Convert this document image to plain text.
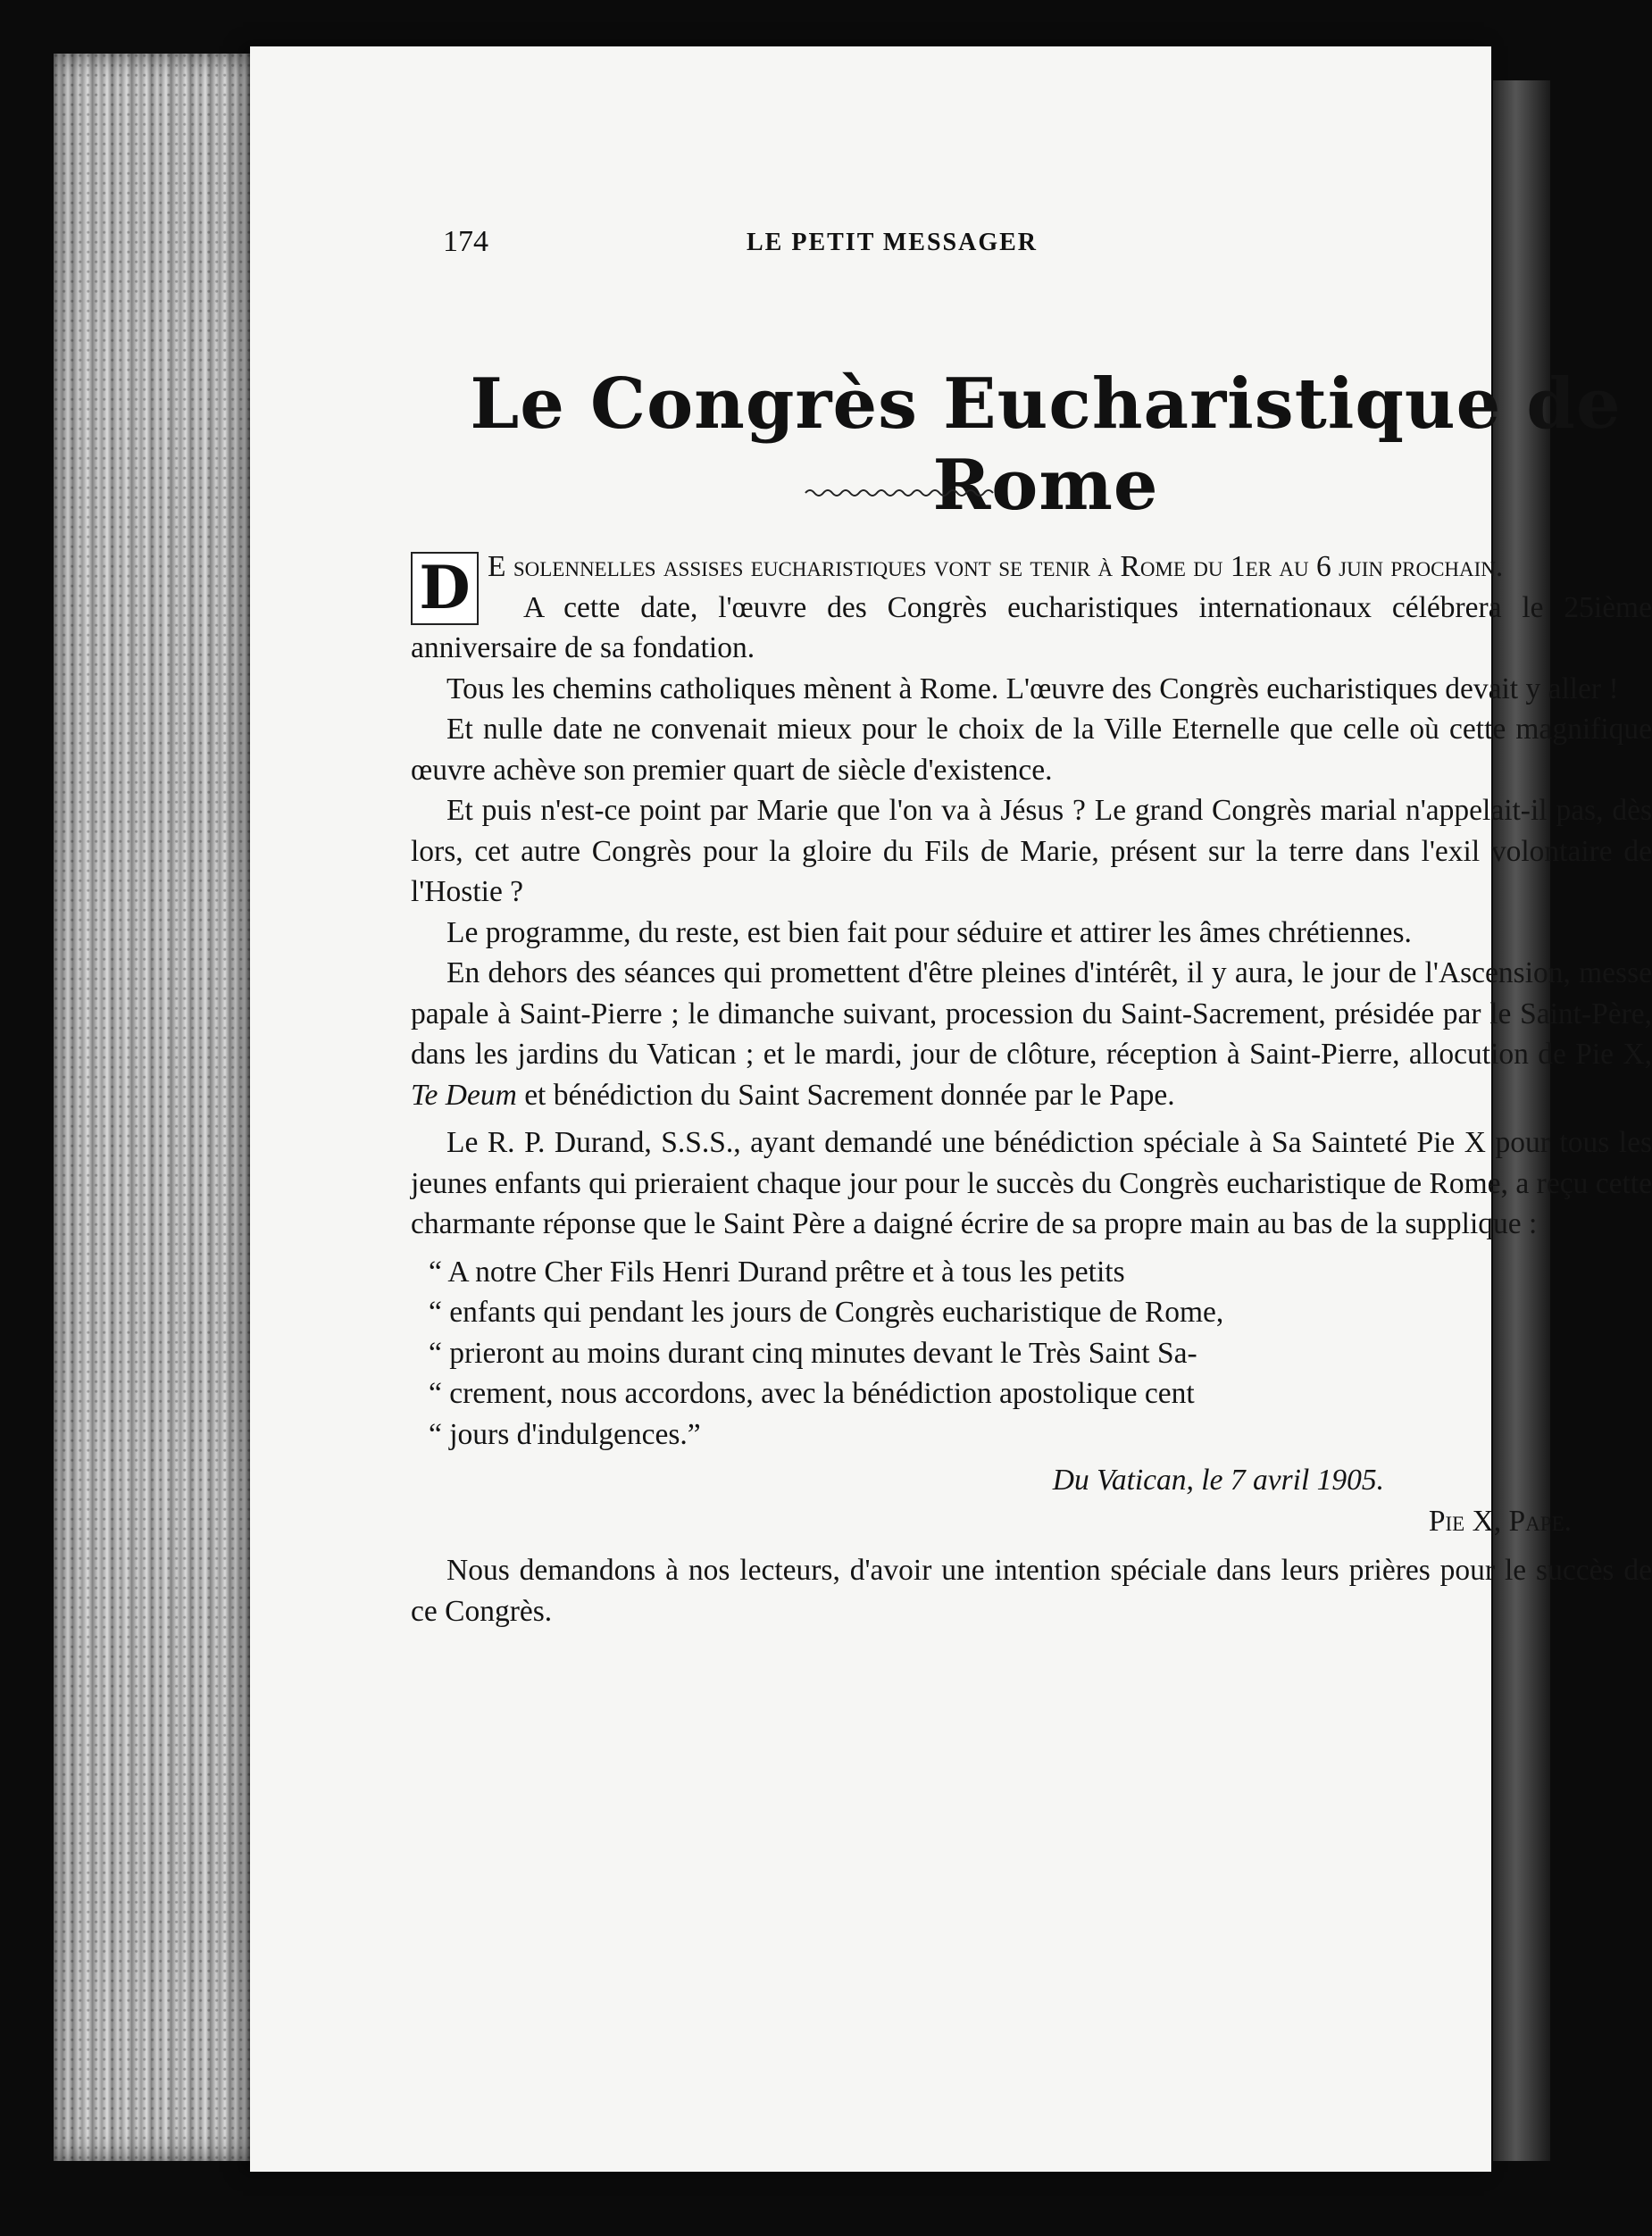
174	LE PETIT MESSAGER
Le Congrès Eucharistique de Rome

D E solennelles assises eucharistiques vont se tenir à Rome du 1er au 6 juin prochain.

A cette date, l'œuvre des Congrès eucharistiques internationaux célébrera le 25ième anniversaire de sa fondation.

Tous les chemins catholiques mènent à Rome. L'œuvre des Congrès eucharistiques devait y aller !

Et nulle date ne convenait mieux pour le choix de la Ville Eternelle que celle où cette magnifique œuvre achève son premier quart de siècle d'existence.

Et puis n'est-ce point par Marie que l'on va à Jésus ? Le grand Congrès marial n'appelait-il pas, dès lors, cet autre Congrès pour la gloire du Fils de Marie, présent sur la terre dans l'exil volontaire de l'Hostie ?

Le programme, du reste, est bien fait pour séduire et attirer les âmes chrétiennes.

En dehors des séances qui promettent d'être pleines d'intérêt, il y aura, le jour de l'Ascension, messe papale à Saint-Pierre ; le dimanche suivant, procession du Saint-Sacrement, présidée par le Saint-Père, dans les jardins du Vatican ; et le mardi, jour de clôture, réception à Saint-Pierre, allocution de Pie X, Te Deum et bénédiction du Saint Sacrement donnée par le Pape.

Le R. P. Durand, S.S.S., ayant demandé une bénédiction spéciale à Sa Sainteté Pie X pour tous les jeunes enfants qui prieraient chaque jour pour le succès du Congrès eucharistique de Rome, a reçu cette charmante réponse que le Saint Père a daigné écrire de sa propre main au bas de la supplique :

“ A notre Cher Fils Henri Durand prêtre et à tous les petits

“ enfants qui pendant les jours de Congrès eucharistique de Rome,

“ prieront au moins durant cinq minutes devant le Très Saint Sa-

“ crement, nous accordons, avec la bénédiction apostolique cent

“ jours d'indulgences.”

Du Vatican, le 7 avril 1905.
Pie X, Pape.

Nous demandons à nos lecteurs, d'avoir une intention spéciale dans leurs prières pour le succès de ce Congrès.
